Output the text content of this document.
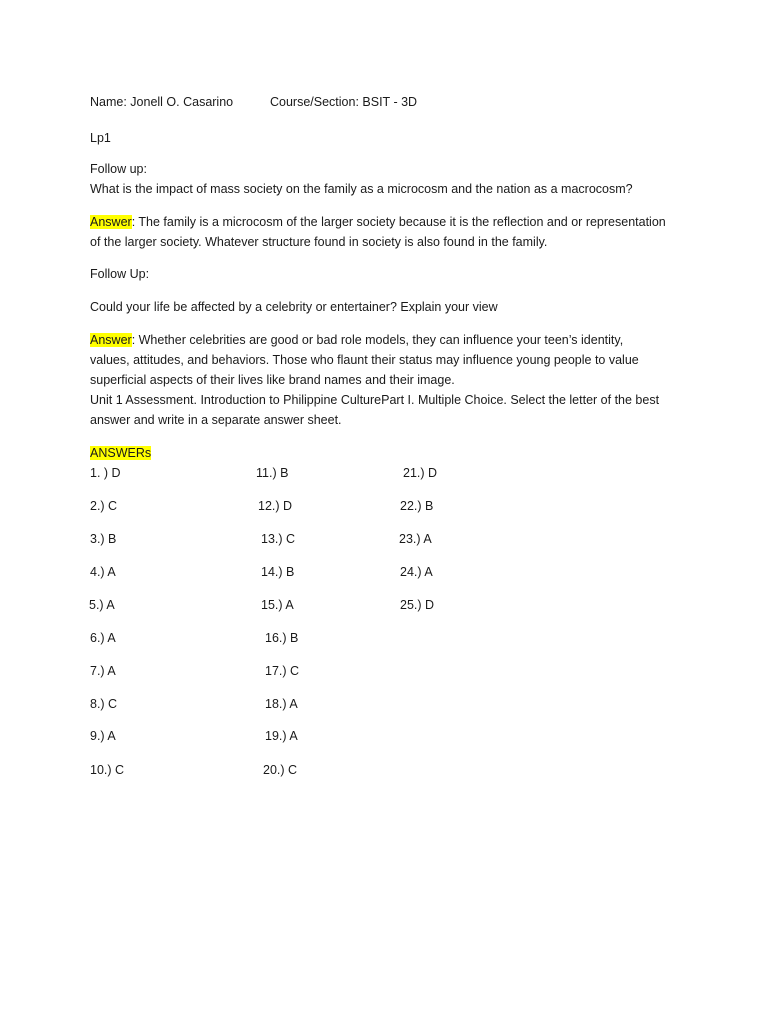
Name: Jonell O. Casarino	Course/Section: BSIT - 3D
Lp1
Follow up:
What is the impact of mass society on the family as a microcosm and the nation as a macrocosm?
Answer: The family is a microcosm of the larger society because it is the reflection and or representation
of the larger society. Whatever structure found in society is also found in the family.
Follow Up:
Could your life be affected by a celebrity or entertainer? Explain your view
Answer: Whether celebrities are good or bad role models, they can influence your teen’s identity,
values, attitudes, and behaviors. Those who flaunt their status may influence young people to value
superficial aspects of their lives like brand names and their image.
Unit 1 Assessment. Introduction to Philippine CulturePart I. Multiple Choice. Select the letter of the best
answer and write in a separate answer sheet.
ANSWERs
1. ) D
2.) C
3.) B
4.) A
5.) A
6.) A
7.) A
8.) C
9.) A
10.) C
11.) B
12.) D
13.) C
14.) B
15.) A
16.) B
17.) C
18.) A
19.) A
20.) C
21.) D
22.) B
23.) A
24.) A
25.) D
